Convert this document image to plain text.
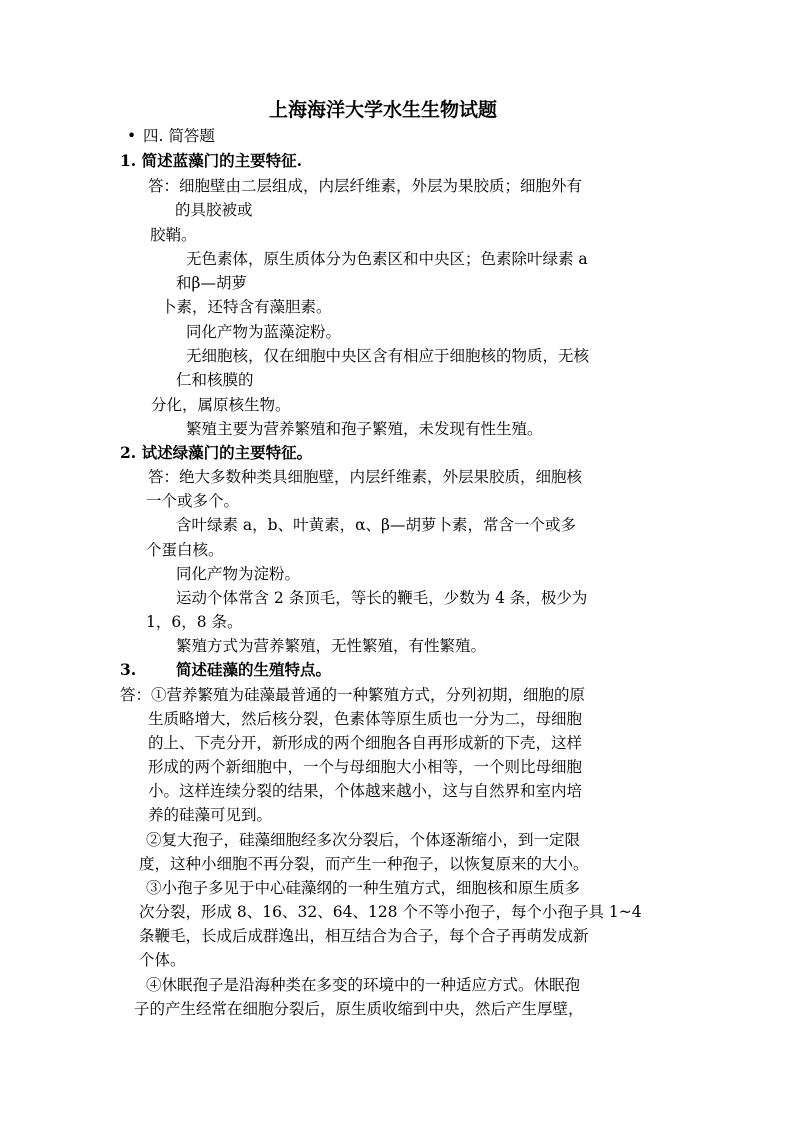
上海海洋大学水生生物试题
• 四. 简答题
1. 简述蓝藻门的主要特征.
答：细胞壁由二层组成，内层纤维素，外层为果胶质；细胞外有
的具胶被或
胶鞘。
无色素体，原生质体分为色素区和中央区；色素除叶绿素 a
和β—胡萝
卜素，还特含有藻胆素。
同化产物为蓝藻淀粉。
无细胞核，仅在细胞中央区含有相应于细胞核的物质，无核
仁和核膜的
分化，属原核生物。
繁殖主要为营养繁殖和孢子繁殖，未发现有性生殖。
2. 试述绿藻门的主要特征。
答：绝大多数种类具细胞壁，内层纤维素，外层果胶质，细胞核
一个或多个。
含叶绿素 a，b、叶黄素，α、β—胡萝卜素，常含一个或多
个蛋白核。
同化产物为淀粉。
运动个体常含 2 条顶毛，等长的鞭毛，少数为 4 条，极少为
1，6，8 条。
繁殖方式为营养繁殖，无性繁殖，有性繁殖。
3.	简述硅藻的生殖特点。
答：①营养繁殖为硅藻最普通的一种繁殖方式，分列初期，细胞的原
生质略增大，然后核分裂，色素体等原生质也一分为二，母细胞
的上、下壳分开，新形成的两个细胞各自再形成新的下壳，这样
形成的两个新细胞中，一个与母细胞大小相等，一个则比母细胞
小。这样连续分裂的结果，个体越来越小，这与自然界和室内培
养的硅藻可见到。
②复大孢子，硅藻细胞经多次分裂后，个体逐渐缩小，到一定限
度，这种小细胞不再分裂，而产生一种孢子，以恢复原来的大小。
③小孢子多见于中心硅藻纲的一种生殖方式，细胞核和原生质多
次分裂，形成 8、16、32、64、128 个不等小孢子，每个小孢子具 1~4
条鞭毛，长成后成群逸出，相互结合为合子，每个合子再萌发成新
个体。
④休眠孢子是沿海种类在多变的环境中的一种适应方式。休眠孢
子的产生经常在细胞分裂后，原生质收缩到中央，然后产生厚壁，
